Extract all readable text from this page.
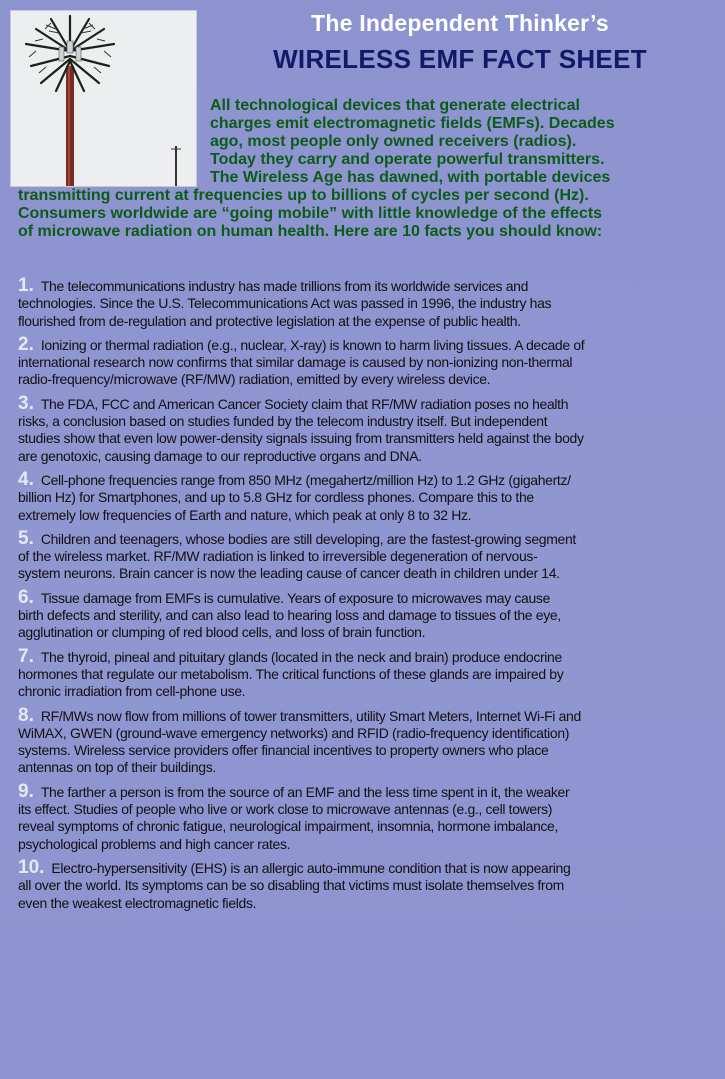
The Independent Thinker’s
WIRELESS EMF FACT SHEET
All technological devices that generate electrical
charges emit electromagnetic fields (EMFs). Decades
ago, most people only owned receivers (radios).
Today they carry and operate powerful transmitters.
The Wireless Age has dawned, with portable devices
transmitting current at frequencies up to billions of cycles per second (Hz).
Consumers worldwide are “going mobile” with little knowledge of the effects
of microwave radiation on human health. Here are 10 facts you should know:
1. The telecommunications industry has made trillions from its worldwide services and
technologies. Since the U.S. Telecommunications Act was passed in 1996, the industry has
flourished from de-regulation and protective legislation at the expense of public health.
2. Ionizing or thermal radiation (e.g., nuclear, X-ray) is known to harm living tissues. A decade of
international research now confirms that similar damage is caused by non-ionizing non-thermal
radio-frequency/microwave (RF/MW) radiation, emitted by every wireless device.
3. The FDA, FCC and American Cancer Society claim that RF/MW radiation poses no health
risks, a conclusion based on studies funded by the telecom industry itself. But independent
studies show that even low power-density signals issuing from transmitters held against the body
are genotoxic, causing damage to our reproductive organs and DNA.
4. Cell-phone frequencies range from 850 MHz (megahertz/million Hz) to 1.2 GHz (gigahertz/
billion Hz) for Smartphones, and up to 5.8 GHz for cordless phones. Compare this to the
extremely low frequencies of Earth and nature, which peak at only 8 to 32 Hz.
5. Children and teenagers, whose bodies are still developing, are the fastest-growing segment
of the wireless market. RF/MW radiation is linked to irreversible degeneration of nervous-
system neurons. Brain cancer is now the leading cause of cancer death in children under 14.
6. Tissue damage from EMFs is cumulative. Years of exposure to microwaves may cause
birth defects and sterility, and can also lead to hearing loss and damage to tissues of the eye,
agglutination or clumping of red blood cells, and loss of brain function.
7. The thyroid, pineal and pituitary glands (located in the neck and brain) produce endocrine
hormones that regulate our metabolism. The critical functions of these glands are impaired by
chronic irradiation from cell-phone use.
8. RF/MWs now flow from millions of tower transmitters, utility Smart Meters, Internet Wi-Fi and
WiMAX, GWEN (ground-wave emergency networks) and RFID (radio-frequency identification)
systems. Wireless service providers offer financial incentives to property owners who place
antennas on top of their buildings.
9. The farther a person is from the source of an EMF and the less time spent in it, the weaker
its effect. Studies of people who live or work close to microwave antennas (e.g., cell towers)
reveal symptoms of chronic fatigue, neurological impairment, insomnia, hormone imbalance,
psychological problems and high cancer rates.
10. Electro-hypersensitivity (EHS) is an allergic auto-immune condition that is now appearing
all over the world. Its symptoms can be so disabling that victims must isolate themselves from
even the weakest electromagnetic fields.
